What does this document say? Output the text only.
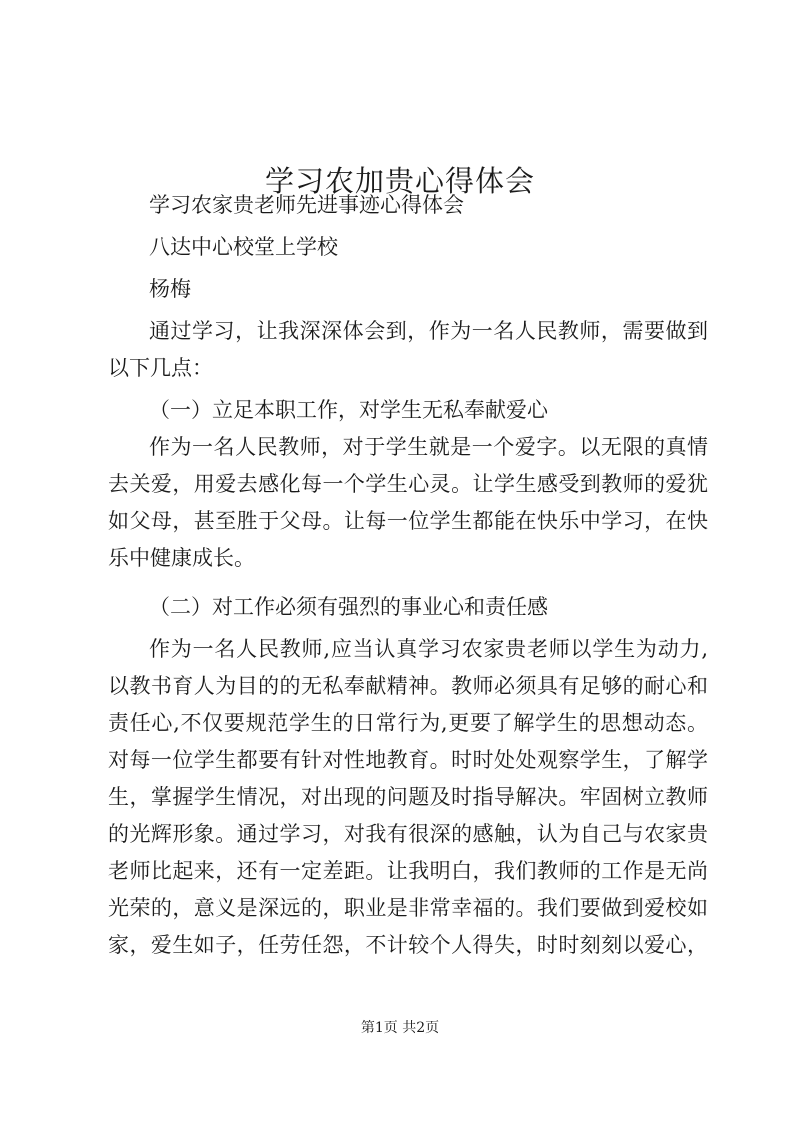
学习农加贵心得体会
学习农家贵老师先进事迹心得体会
八达中心校堂上学校
杨梅
通过学习，让我深深体会到，作为一名人民教师，需要做到
以下几点：
（一）立足本职工作，对学生无私奉献爱心
作为一名人民教师，对于学生就是一个爱字。以无限的真情
去关爱，用爱去感化每一个学生心灵。让学生感受到教师的爱犹
如父母，甚至胜于父母。让每一位学生都能在快乐中学习，在快
乐中健康成长。
（二）对工作必须有强烈的事业心和责任感
作为一名人民教师,应当认真学习农家贵老师以学生为动力,
以教书育人为目的的无私奉献精神。教师必须具有足够的耐心和
责任心,不仅要规范学生的日常行为,更要了解学生的思想动态。
对每一位学生都要有针对性地教育。时时处处观察学生，了解学
生，掌握学生情况，对出现的问题及时指导解决。牢固树立教师
的光辉形象。通过学习，对我有很深的感触，认为自己与农家贵
老师比起来，还有一定差距。让我明白，我们教师的工作是无尚
光荣的，意义是深远的，职业是非常幸福的。我们要做到爱校如
家，爱生如子，任劳任怨，不计较个人得失，时时刻刻以爱心，
第1页 共2页
